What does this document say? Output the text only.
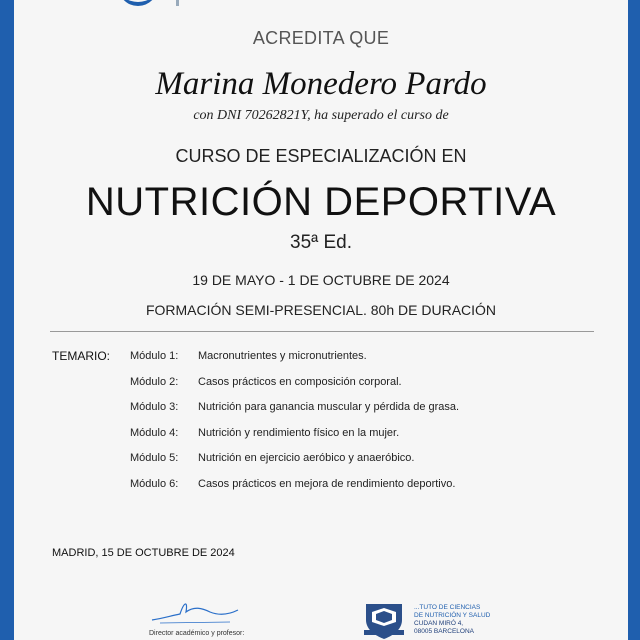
ACREDITA QUE
Marina Monedero Pardo
con DNI 70262821Y, ha superado el curso de
CURSO DE ESPECIALIZACIÓN EN
NUTRICIÓN DEPORTIVA
35ª Ed.
19 DE MAYO - 1 DE OCTUBRE DE 2024
FORMACIÓN SEMI-PRESENCIAL. 80h DE DURACIÓN
TEMARIO: Módulo 1:	Macronutrientes y micronutrientes.
Módulo 2:	Casos prácticos en composición corporal.
Módulo 3:	Nutrición para ganancia muscular y pérdida de grasa.
Módulo 4:	Nutrición y rendimiento físico en la mujer.
Módulo 5:	Nutrición en ejercicio aeróbico y anaeróbico.
Módulo 6:	Casos prácticos en mejora de rendimiento deportivo.
MADRID, 15 DE OCTUBRE DE 2024
Director académico y profesor:
...TUTO DE CIENCIAS
DE NUTRICIÓN Y SALUD
CUDAN MIRÓ 4,
08005 BARCELONA
